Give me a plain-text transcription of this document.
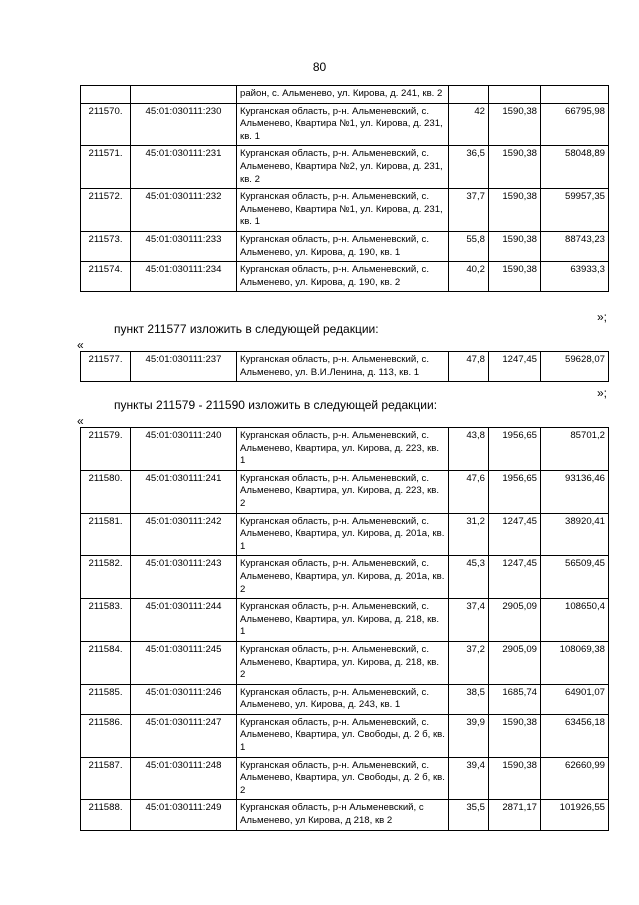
80
		район, с. Альменево, ул. Кирова, д. 241, кв. 2			
211570.	45:01:030111:230	Курганская область, р-н. Альменевский, с. Альменево, Квартира №1, ул. Кирова, д. 231, кв. 1	42	1590,38	66795,98
211571.	45:01:030111:231	Курганская область, р-н. Альменевский, с. Альменево, Квартира №2, ул. Кирова, д. 231, кв. 2	36,5	1590,38	58048,89
211572.	45:01:030111:232	Курганская область, р-н. Альменевский, с. Альменево, Квартира №1, ул. Кирова, д. 231, кв. 1	37,7	1590,38	59957,35
211573.	45:01:030111:233	Курганская область, р-н. Альменевский, с. Альменево, ул. Кирова, д. 190, кв. 1	55,8	1590,38	88743,23
211574.	45:01:030111:234	Курганская область, р-н. Альменевский, с. Альменево, ул. Кирова, д. 190, кв. 2	40,2	1590,38	63933,3
»;
пункт 211577 изложить в следующей редакции:
«
211577.	45:01:030111:237	Курганская область, р-н. Альменевский, с. Альменево, ул. В.И.Ленина, д. 113, кв. 1	47,8	1247,45	59628,07
»;
пункты 211579 - 211590 изложить в следующей редакции:
«
211579.	45:01:030111:240	Курганская область, р-н. Альменевский, с. Альменево, Квартира, ул. Кирова, д. 223, кв. 1	43,8	1956,65	85701,2
211580.	45:01:030111:241	Курганская область, р-н. Альменевский, с. Альменево, Квартира, ул. Кирова, д. 223, кв. 2	47,6	1956,65	93136,46
211581.	45:01:030111:242	Курганская область, р-н. Альменевский, с. Альменево, Квартира, ул. Кирова, д. 201а, кв. 1	31,2	1247,45	38920,41
211582.	45:01:030111:243	Курганская область, р-н. Альменевский, с. Альменево, Квартира, ул. Кирова, д. 201а, кв. 2	45,3	1247,45	56509,45
211583.	45:01:030111:244	Курганская область, р-н. Альменевский, с. Альменево, Квартира, ул. Кирова, д. 218, кв. 1	37,4	2905,09	108650,4
211584.	45:01:030111:245	Курганская область, р-н. Альменевский, с. Альменево, Квартира, ул. Кирова, д. 218, кв. 2	37,2	2905,09	108069,38
211585.	45:01:030111:246	Курганская область, р-н. Альменевский, с. Альменево, ул. Кирова, д. 243, кв. 1	38,5	1685,74	64901,07
211586.	45:01:030111:247	Курганская область, р-н. Альменевский, с. Альменево, Квартира, ул. Свободы, д. 2 б, кв. 1	39,9	1590,38	63456,18
211587.	45:01:030111:248	Курганская область, р-н. Альменевский, с. Альменево, Квартира, ул. Свободы, д. 2 б, кв. 2	39,4	1590,38	62660,99
211588.	45:01:030111:249	Курганская область, р-н Альменевский, с Альменево, ул Кирова, д 218, кв 2	35,5	2871,17	101926,55
